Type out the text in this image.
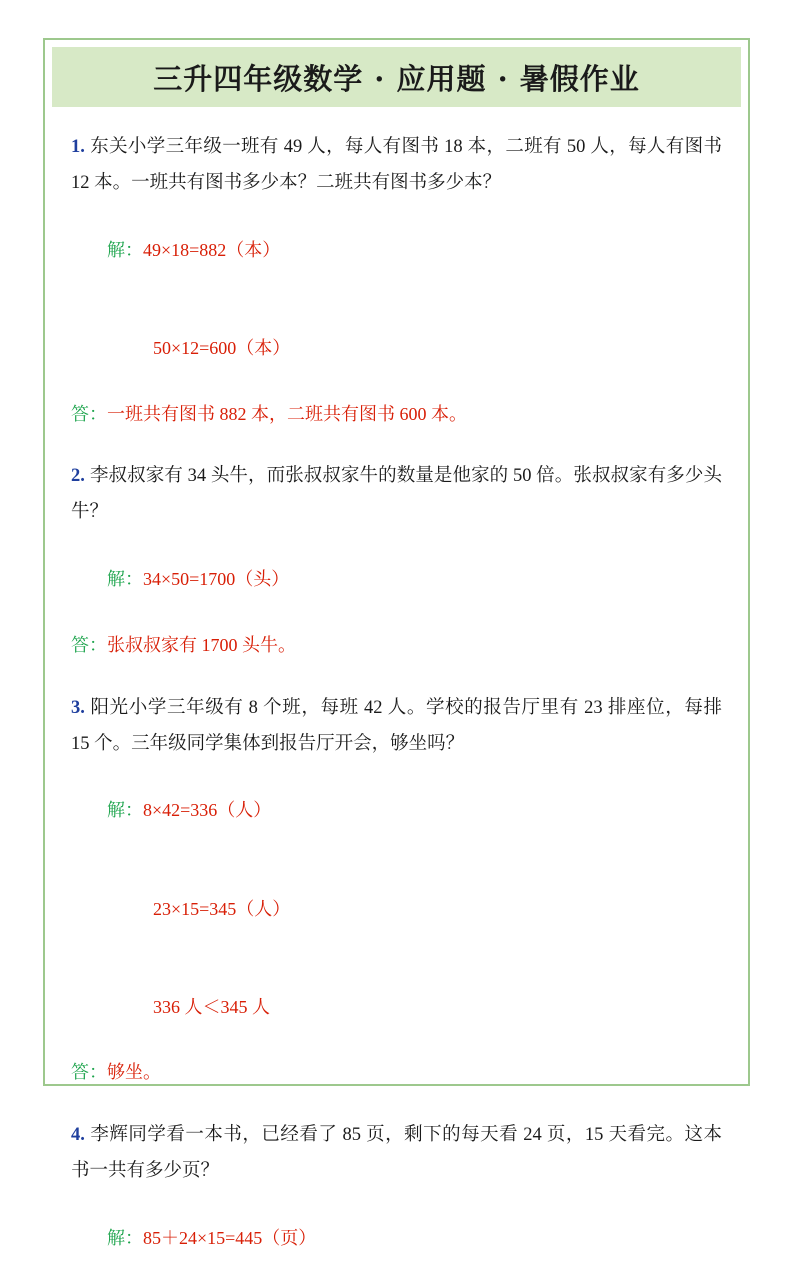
三升四年级数学 · 应用题 · 暑假作业
1. 东关小学三年级一班有 49 人，每人有图书 18 本，二班有 50 人，每人有图书 12 本。一班共有图书多少本？二班共有图书多少本？

解：49×18=882（本）

50×12=600（本）

答：一班共有图书 882 本，二班共有图书 600 本。
2. 李叔叔家有 34 头牛，而张叔叔家牛的数量是他家的 50 倍。张叔叔家有多少头牛？

解：34×50=1700（头）

答：张叔叔家有 1700 头牛。
3. 阳光小学三年级有 8 个班，每班 42 人。学校的报告厅里有 23 排座位，每排 15 个。三年级同学集体到报告厅开会，够坐吗？

解：8×42=336（人）

23×15=345（人）

336 人＜345 人

答：够坐。
4. 李辉同学看一本书，已经看了 85 页，剩下的每天看 24 页，15 天看完。这本书一共有多少页？

解：85＋24×15=445（页）
